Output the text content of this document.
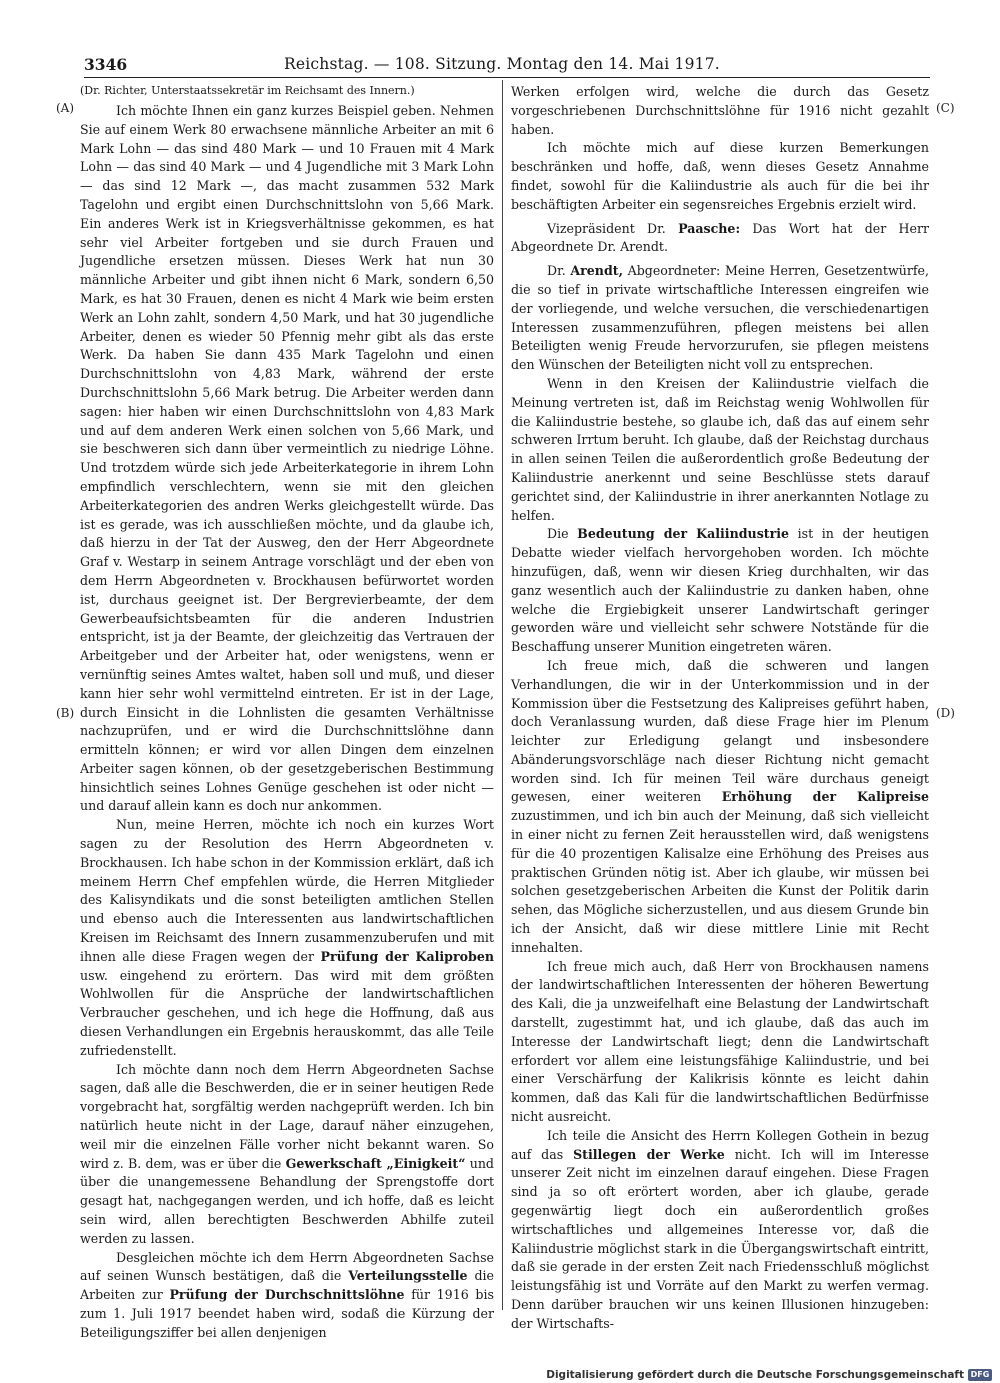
3346	Reichstag. — 108. Sitzung. Montag den 14. Mai 1917.
(A)
(B)
(C)
(D)

(Dr. Richter, Unterstaatssekretär im Reichsamt des Innern.)

Ich möchte Ihnen ein ganz kurzes Beispiel geben. Nehmen Sie auf einem Werk 80 erwachsene männliche Arbeiter an mit 6 Mark Lohn — das sind 480 Mark — und 10 Frauen mit 4 Mark Lohn — das sind 40 Mark — und 4 Jugendliche mit 3 Mark Lohn — das sind 12 Mark —, das macht zusammen 532 Mark Tagelohn und ergibt einen Durchschnittslohn von 5,66 Mark. Ein anderes Werk ist in Kriegsverhältnisse gekommen, es hat sehr viel Arbeiter fortgeben und sie durch Frauen und Jugendliche ersetzen müssen. Dieses Werk hat nun 30 männliche Arbeiter und gibt ihnen nicht 6 Mark, sondern 6,50 Mark, es hat 30 Frauen, denen es nicht 4 Mark wie beim ersten Werk an Lohn zahlt, sondern 4,50 Mark, und hat 30 jugendliche Arbeiter, denen es wieder 50 Pfennig mehr gibt als das erste Werk. Da haben Sie dann 435 Mark Tagelohn und einen Durchschnittslohn von 4,83 Mark, während der erste Durchschnittslohn 5,66 Mark betrug. Die Arbeiter werden dann sagen: hier haben wir einen Durchschnittslohn von 4,83 Mark und auf dem anderen Werk einen solchen von 5,66 Mark, und sie beschweren sich dann über vermeintlich zu niedrige Löhne. Und trotzdem würde sich jede Arbeiterkategorie in ihrem Lohn empfindlich verschlechtern, wenn sie mit den gleichen Arbeiterkategorien des andren Werks gleichgestellt würde. Das ist es gerade, was ich ausschließen möchte, und da glaube ich, daß hierzu in der Tat der Ausweg, den der Herr Abgeordnete Graf v. Westarp in seinem Antrage vorschlägt und der eben von dem Herrn Abgeordneten v. Brockhausen befürwortet worden ist, durchaus geeignet ist. Der Bergrevierbeamte, der dem Gewerbeaufsichtsbeamten für die anderen Industrien entspricht, ist ja der Beamte, der gleichzeitig das Vertrauen der Arbeitgeber und der Arbeiter hat, oder wenigstens, wenn er vernünftig seines Amtes waltet, haben soll und muß, und dieser kann hier sehr wohl vermittelnd eintreten. Er ist in der Lage, durch Einsicht in die Lohnlisten die gesamten Verhältnisse nachzuprüfen, und er wird die Durchschnittslöhne dann ermitteln können; er wird vor allen Dingen dem einzelnen Arbeiter sagen können, ob der gesetzgeberischen Bestimmung hinsichtlich seines Lohnes Genüge geschehen ist oder nicht — und darauf allein kann es doch nur ankommen.

Nun, meine Herren, möchte ich noch ein kurzes Wort sagen zu der Resolution des Herrn Abgeordneten v. Brockhausen. Ich habe schon in der Kommission erklärt, daß ich meinem Herrn Chef empfehlen würde, die Herren Mitglieder des Kalisyndikats und die sonst beteiligten amtlichen Stellen und ebenso auch die Interessenten aus landwirtschaftlichen Kreisen im Reichsamt des Innern zusammenzuberufen und mit ihnen alle diese Fragen wegen der Prüfung der Kaliproben usw. eingehend zu erörtern. Das wird mit dem größten Wohlwollen für die Ansprüche der landwirtschaftlichen Verbraucher geschehen, und ich hege die Hoffnung, daß aus diesen Verhandlungen ein Ergebnis herauskommt, das alle Teile zufriedenstellt.

Ich möchte dann noch dem Herrn Abgeordneten Sachse sagen, daß alle die Beschwerden, die er in seiner heutigen Rede vorgebracht hat, sorgfältig werden nachgeprüft werden. Ich bin natürlich heute nicht in der Lage, darauf näher einzugehen, weil mir die einzelnen Fälle vorher nicht bekannt waren. So wird z. B. dem, was er über die Gewerkschaft „Einigkeit“ und über die unangemessene Behandlung der Sprengstoffe dort gesagt hat, nachgegangen werden, und ich hoffe, daß es leicht sein wird, allen berechtigten Beschwerden Abhilfe zuteil werden zu lassen.

Desgleichen möchte ich dem Herrn Abgeordneten Sachse auf seinen Wunsch bestätigen, daß die Verteilungsstelle die Arbeiten zur Prüfung der Durchschnittslöhne für 1916 bis zum 1. Juli 1917 beendet haben wird, sodaß die Kürzung der Beteiligungsziffer bei allen denjenigen

Werken erfolgen wird, welche die durch das Gesetz vorgeschriebenen Durchschnittslöhne für 1916 nicht gezahlt haben.

Ich möchte mich auf diese kurzen Bemerkungen beschränken und hoffe, daß, wenn dieses Gesetz Annahme findet, sowohl für die Kaliindustrie als auch für die bei ihr beschäftigten Arbeiter ein segensreiches Ergebnis erzielt wird.

Vizepräsident Dr. Paasche: Das Wort hat der Herr Abgeordnete Dr. Arendt.

Dr. Arendt, Abgeordneter: Meine Herren, Gesetzentwürfe, die so tief in private wirtschaftliche Interessen eingreifen wie der vorliegende, und welche versuchen, die verschiedenartigen Interessen zusammenzuführen, pflegen meistens bei allen Beteiligten wenig Freude hervorzurufen, sie pflegen meistens den Wünschen der Beteiligten nicht voll zu entsprechen.

Wenn in den Kreisen der Kaliindustrie vielfach die Meinung vertreten ist, daß im Reichstag wenig Wohlwollen für die Kaliindustrie bestehe, so glaube ich, daß das auf einem sehr schweren Irrtum beruht. Ich glaube, daß der Reichstag durchaus in allen seinen Teilen die außerordentlich große Bedeutung der Kaliindustrie anerkennt und seine Beschlüsse stets darauf gerichtet sind, der Kaliindustrie in ihrer anerkannten Notlage zu helfen.

Die Bedeutung der Kaliindustrie ist in der heutigen Debatte wieder vielfach hervorgehoben worden. Ich möchte hinzufügen, daß, wenn wir diesen Krieg durchhalten, wir das ganz wesentlich auch der Kaliindustrie zu danken haben, ohne welche die Ergiebigkeit unserer Landwirtschaft geringer geworden wäre und vielleicht sehr schwere Notstände für die Beschaffung unserer Munition eingetreten wären.

Ich freue mich, daß die schweren und langen Verhandlungen, die wir in der Unterkommission und in der Kommission über die Festsetzung des Kalipreises geführt haben, doch Veranlassung wurden, daß diese Frage hier im Plenum leichter zur Erledigung gelangt und insbesondere Abänderungsvorschläge nach dieser Richtung nicht gemacht worden sind. Ich für meinen Teil wäre durchaus geneigt gewesen, einer weiteren Erhöhung der Kalipreise zuzustimmen, und ich bin auch der Meinung, daß sich vielleicht in einer nicht zu fernen Zeit herausstellen wird, daß wenigstens für die 40 prozentigen Kalisalze eine Erhöhung des Preises aus praktischen Gründen nötig ist. Aber ich glaube, wir müssen bei solchen gesetzgeberischen Arbeiten die Kunst der Politik darin sehen, das Mögliche sicherzustellen, und aus diesem Grunde bin ich der Ansicht, daß wir diese mittlere Linie mit Recht innehalten.

Ich freue mich auch, daß Herr von Brockhausen namens der landwirtschaftlichen Interessenten der höheren Bewertung des Kali, die ja unzweifelhaft eine Belastung der Landwirtschaft darstellt, zugestimmt hat, und ich glaube, daß das auch im Interesse der Landwirtschaft liegt; denn die Landwirtschaft erfordert vor allem eine leistungsfähige Kaliindustrie, und bei einer Verschärfung der Kalikrisis könnte es leicht dahin kommen, daß das Kali für die landwirtschaftlichen Bedürfnisse nicht ausreicht.

Ich teile die Ansicht des Herrn Kollegen Gothein in bezug auf das Stillegen der Werke nicht. Ich will im Interesse unserer Zeit nicht im einzelnen darauf eingehen. Diese Fragen sind ja so oft erörtert worden, aber ich glaube, gerade gegenwärtig liegt doch ein außerordentlich großes wirtschaftliches und allgemeines Interesse vor, daß die Kaliindustrie möglichst stark in die Übergangswirtschaft eintritt, daß sie gerade in der ersten Zeit nach Friedensschluß möglichst leistungsfähig ist und Vorräte auf den Markt zu werfen vermag. Denn darüber brauchen wir uns keinen Illusionen hinzugeben: der Wirtschafts-

Digitalisierung gefördert durch die Deutsche Forschungsgemeinschaft DFG
